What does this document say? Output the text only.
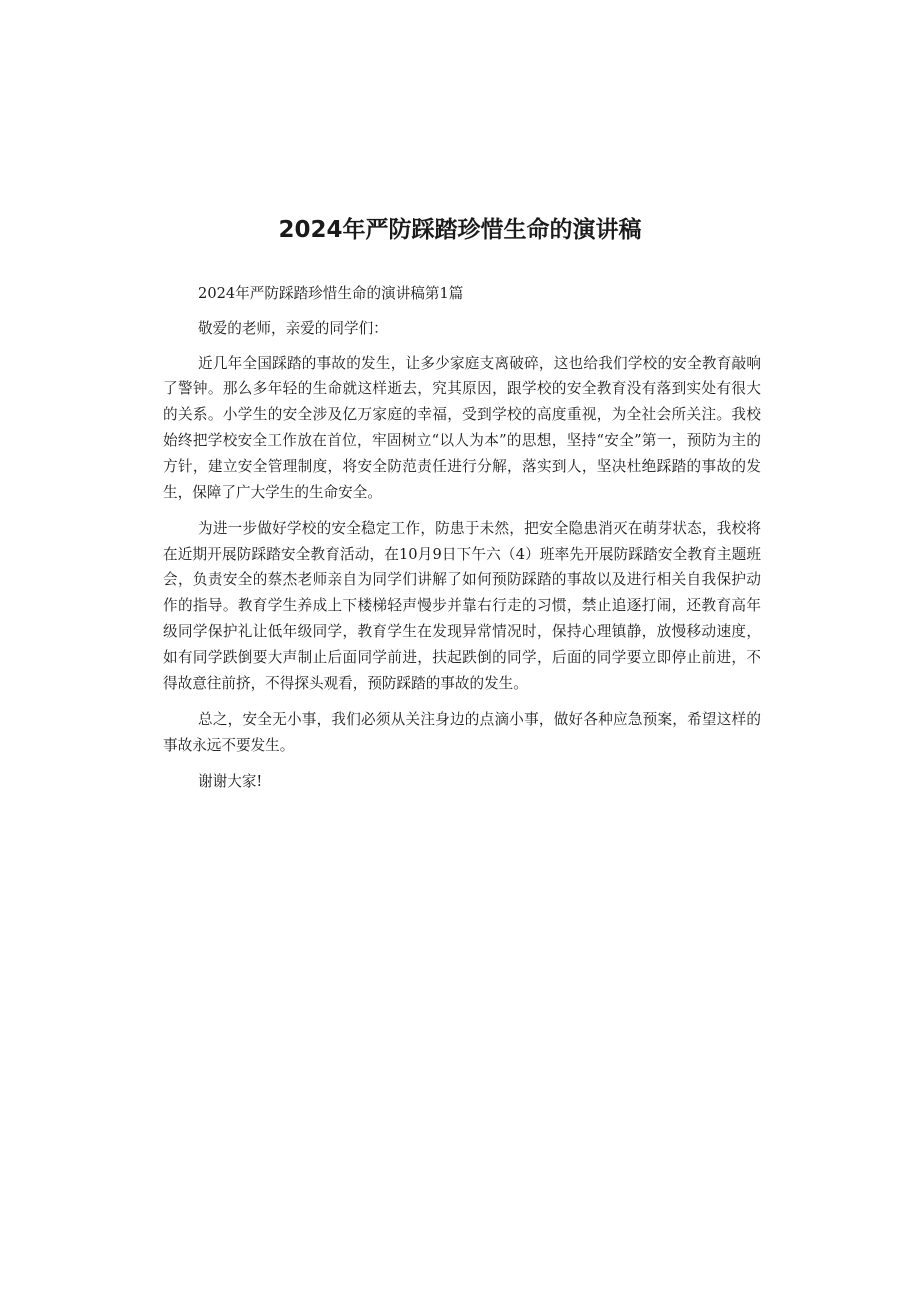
2024年严防踩踏珍惜生命的演讲稿

2024年严防踩踏珍惜生命的演讲稿第1篇

敬爱的老师，亲爱的同学们：

近几年全国踩踏的事故的发生，让多少家庭支离破碎，这也给我们学校的安全教育敲响了警钟。那么多年轻的生命就这样逝去，究其原因，跟学校的安全教育没有落到实处有很大的关系。小学生的安全涉及亿万家庭的幸福，受到学校的高度重视，为全社会所关注。我校始终把学校安全工作放在首位，牢固树立“以人为本”的思想，坚持“安全”第一，预防为主的方针，建立安全管理制度，将安全防范责任进行分解，落实到人，坚决杜绝踩踏的事故的发生，保障了广大学生的生命安全。

为进一步做好学校的安全稳定工作，防患于未然，把安全隐患消灭在萌芽状态，我校将在近期开展防踩踏安全教育活动，在10月9日下午六（4）班率先开展防踩踏安全教育主题班会，负责安全的蔡杰老师亲自为同学们讲解了如何预防踩踏的事故以及进行相关自我保护动作的指导。教育学生养成上下楼梯轻声慢步并靠右行走的习惯，禁止追逐打闹，还教育高年级同学保护礼让低年级同学，教育学生在发现异常情况时，保持心理镇静，放慢移动速度，如有同学跌倒要大声制止后面同学前进，扶起跌倒的同学，后面的同学要立即停止前进，不得故意往前挤，不得探头观看，预防踩踏的事故的发生。

总之，安全无小事，我们必须从关注身边的点滴小事，做好各种应急预案，希望这样的事故永远不要发生。

谢谢大家!
